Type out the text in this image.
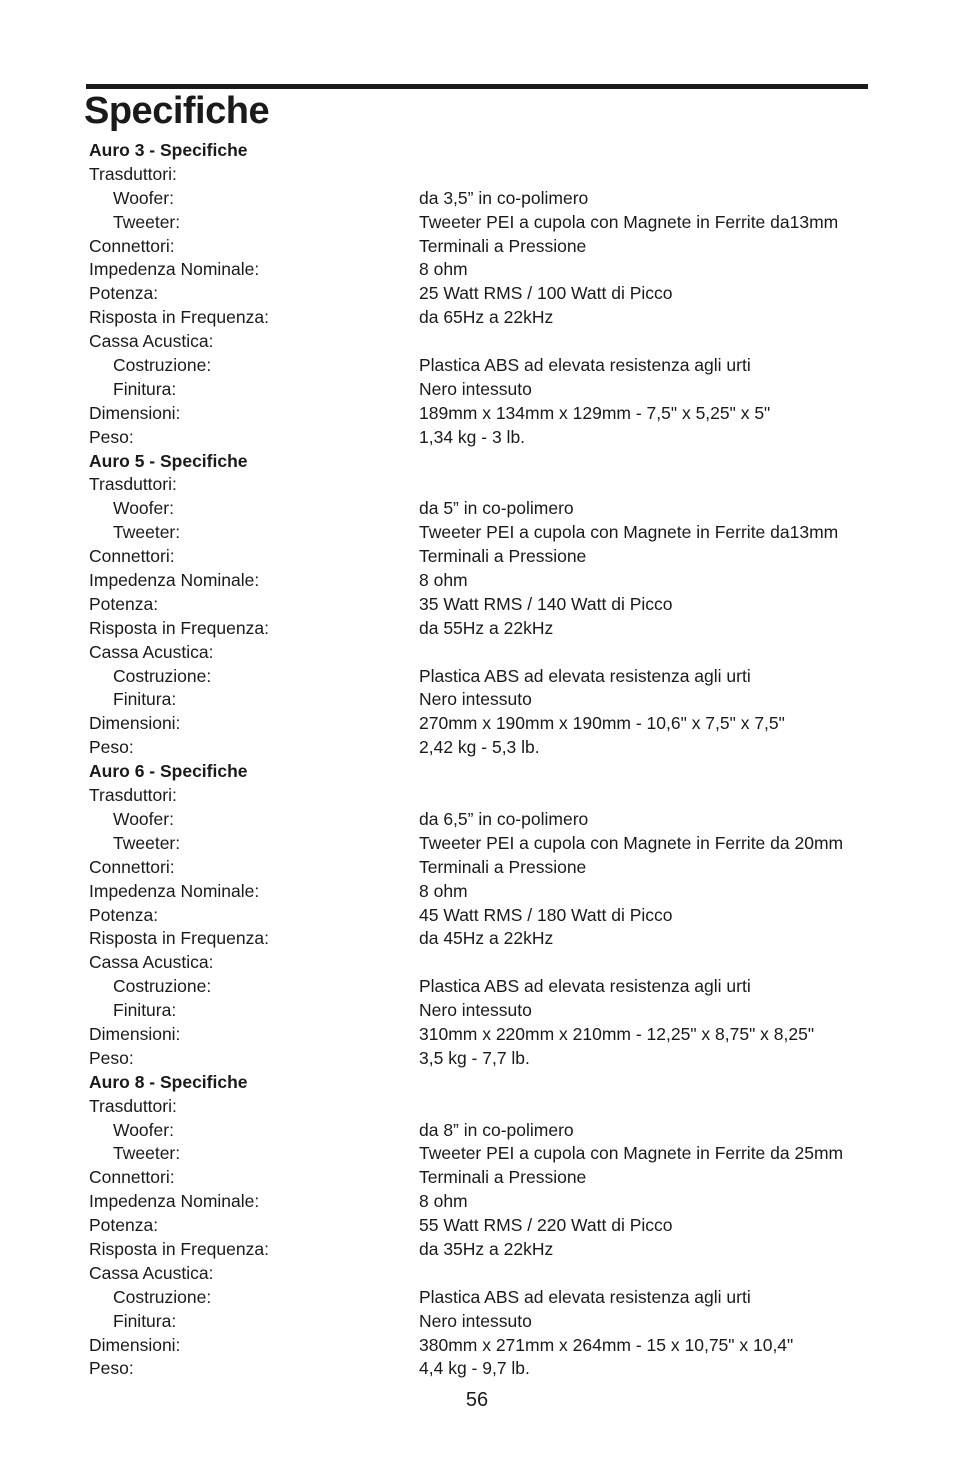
Specifiche
Auro 3 - Specifiche
Trasduttori:
Woofer:	da 3,5” in co-polimero
Tweeter:	Tweeter PEI a cupola con Magnete in Ferrite da13mm
Connettori:	Terminali a Pressione
Impedenza Nominale:	8 ohm
Potenza:	25 Watt RMS / 100 Watt di Picco
Risposta in Frequenza:	da 65Hz a 22kHz
Cassa Acustica:
Costruzione:	Plastica ABS ad elevata resistenza agli urti
Finitura:	Nero intessuto
Dimensioni:	189mm x 134mm x 129mm - 7,5" x 5,25" x 5"
Peso:	1,34 kg - 3 lb.
Auro 5 - Specifiche
Trasduttori:
Woofer:	da 5” in co-polimero
Tweeter:	Tweeter PEI a cupola con Magnete in Ferrite da13mm
Connettori:	Terminali a Pressione
Impedenza Nominale:	8 ohm
Potenza:	35 Watt RMS / 140 Watt di Picco
Risposta in Frequenza:	da 55Hz a 22kHz
Cassa Acustica:
Costruzione:	Plastica ABS ad elevata resistenza agli urti
Finitura:	Nero intessuto
Dimensioni:	270mm x 190mm x 190mm - 10,6" x 7,5" x 7,5"
Peso:	2,42 kg - 5,3 lb.
Auro 6 - Specifiche
Trasduttori:
Woofer:	da 6,5” in co-polimero
Tweeter:	Tweeter PEI a cupola con Magnete in Ferrite da 20mm
Connettori:	Terminali a Pressione
Impedenza Nominale:	8 ohm
Potenza:	45 Watt RMS / 180 Watt di Picco
Risposta in Frequenza:	da 45Hz a 22kHz
Cassa Acustica:
Costruzione:	Plastica ABS ad elevata resistenza agli urti
Finitura:	Nero intessuto
Dimensioni:	310mm x 220mm x 210mm - 12,25" x 8,75" x 8,25"
Peso:	3,5 kg - 7,7 lb.
Auro 8 - Specifiche
Trasduttori:
Woofer:	da 8” in co-polimero
Tweeter:	Tweeter PEI a cupola con Magnete in Ferrite da 25mm
Connettori:	Terminali a Pressione
Impedenza Nominale:	8 ohm
Potenza:	55 Watt RMS / 220 Watt di Picco
Risposta in Frequenza:	da 35Hz a 22kHz
Cassa Acustica:
Costruzione:	Plastica ABS ad elevata resistenza agli urti
Finitura:	Nero intessuto
Dimensioni:	380mm x 271mm x 264mm - 15 x 10,75" x 10,4"
Peso:	4,4 kg - 9,7 lb.
56
